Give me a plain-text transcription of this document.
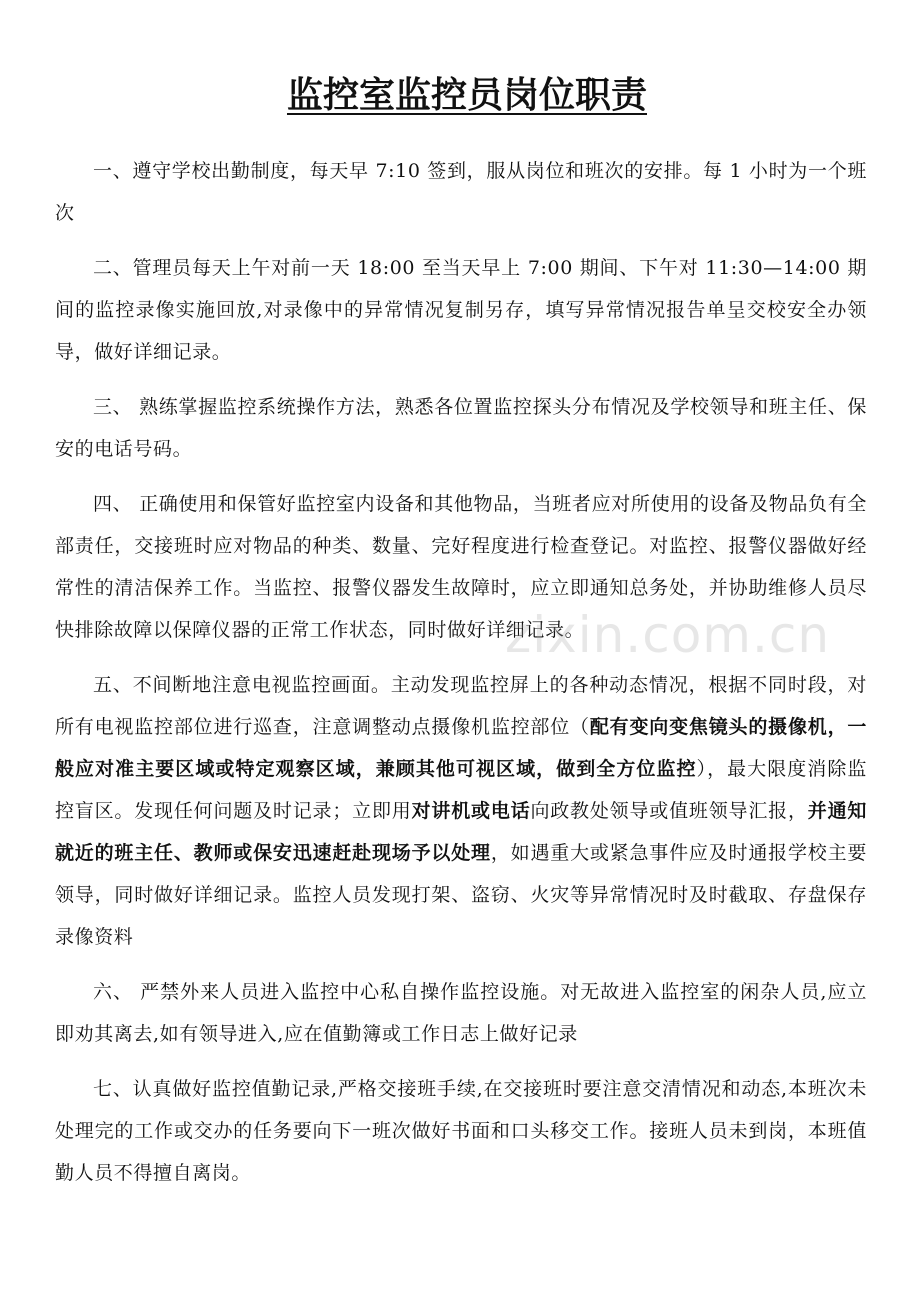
监控室监控员岗位职责

一、遵守学校出勤制度，每天早 7:10 签到，服从岗位和班次的安排。每 1 小时为一个班次

二、管理员每天上午对前一天 18:00 至当天早上 7:00 期间、下午对 11:30—14:00 期间的监控录像实施回放,对录像中的异常情况复制另存，填写异常情况报告单呈交校安全办领导，做好详细记录。

三、 熟练掌握监控系统操作方法，熟悉各位置监控探头分布情况及学校领导和班主任、保安的电话号码。

四、 正确使用和保管好监控室内设备和其他物品，当班者应对所使用的设备及物品负有全部责任，交接班时应对物品的种类、数量、完好程度进行检查登记。对监控、报警仪器做好经常性的清洁保养工作。当监控、报警仪器发生故障时，应立即通知总务处，并协助维修人员尽快排除故障以保障仪器的正常工作状态，同时做好详细记录。

五、不间断地注意电视监控画面。主动发现监控屏上的各种动态情况，根据不同时段，对所有电视监控部位进行巡查，注意调整动点摄像机监控部位（配有变向变焦镜头的摄像机，一般应对准主要区域或特定观察区域，兼顾其他可视区域，做到全方位监控），最大限度消除监控盲区。发现任何问题及时记录；立即用对讲机或电话向政教处领导或值班领导汇报，并通知就近的班主任、教师或保安迅速赶赴现场予以处理，如遇重大或紧急事件应及时通报学校主要领导，同时做好详细记录。监控人员发现打架、盗窃、火灾等异常情况时及时截取、存盘保存录像资料

六、 严禁外来人员进入监控中心私自操作监控设施。对无故进入监控室的闲杂人员,应立即劝其离去,如有领导进入,应在值勤簿或工作日志上做好记录

七、认真做好监控值勤记录,严格交接班手续,在交接班时要注意交清情况和动态,本班次未处理完的工作或交办的任务要向下一班次做好书面和口头移交工作。接班人员未到岗，本班值勤人员不得擅自离岗。

zixin.com.cn
